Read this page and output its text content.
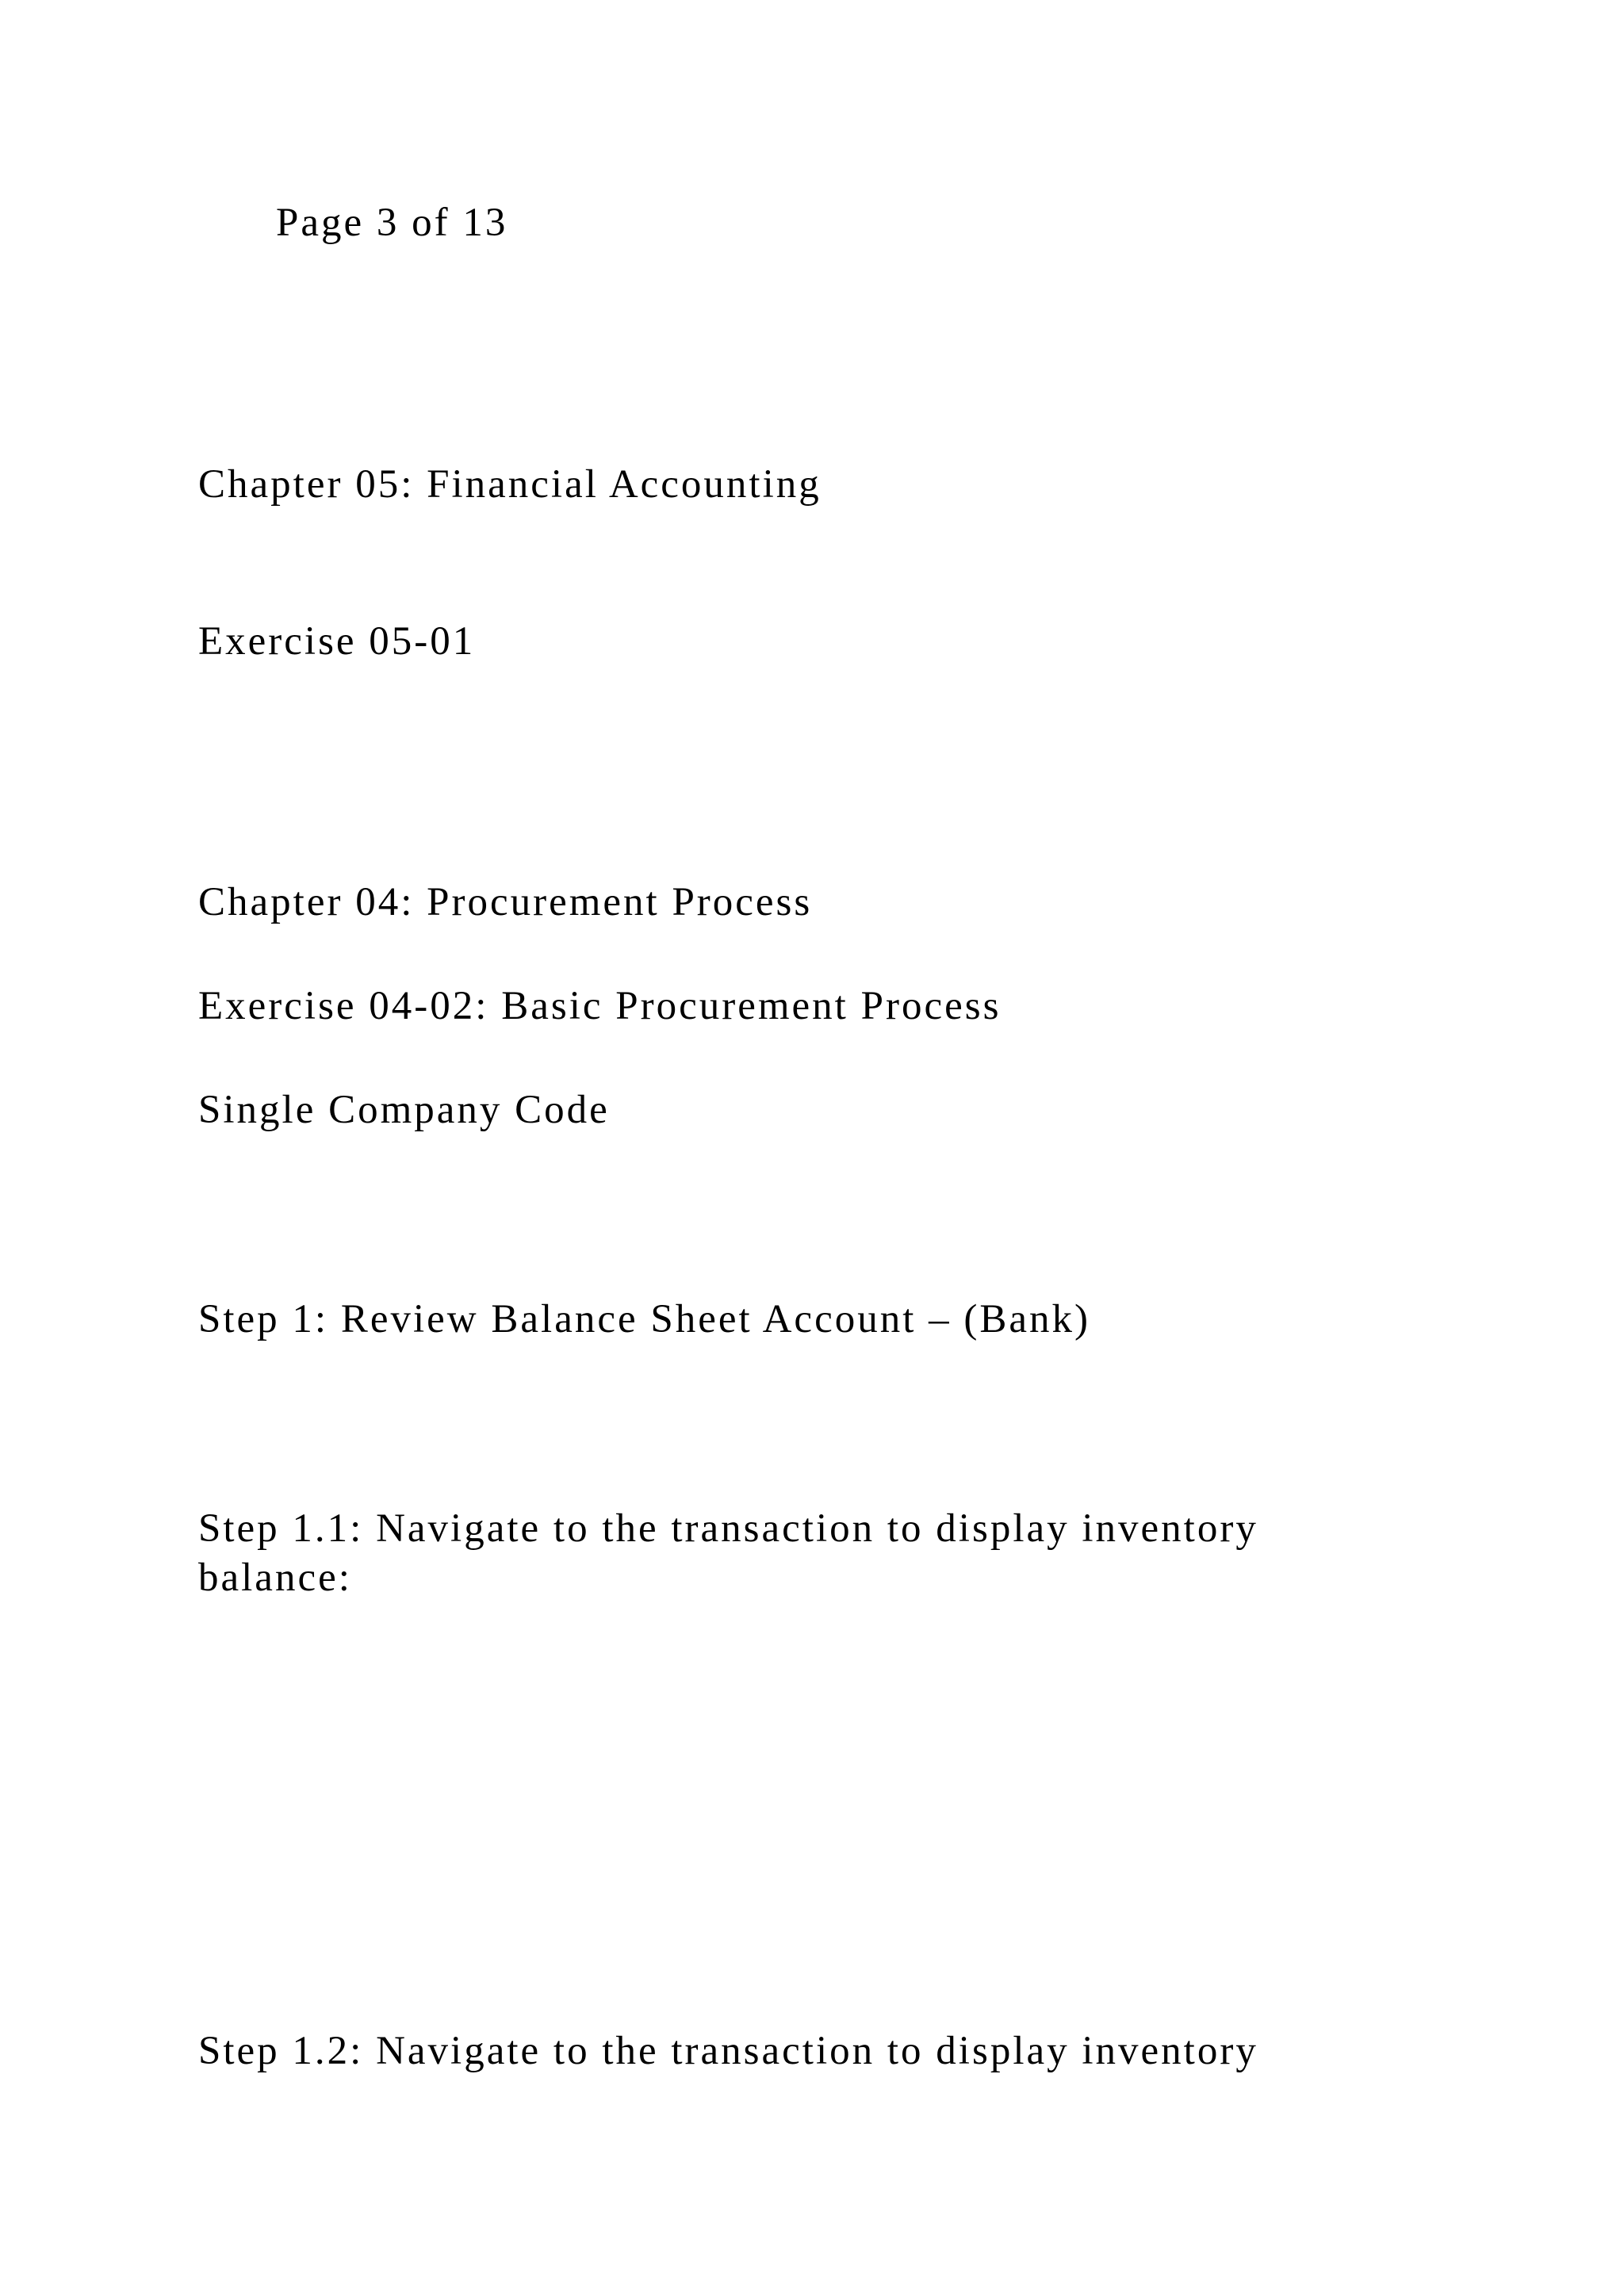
Page 3 of 13

Chapter 05: Financial Accounting

Exercise 05-01

Chapter 04: Procurement Process

Exercise 04-02: Basic Procurement Process

Single Company Code

Step 1: Review Balance Sheet Account – (Bank)

Step 1.1: Navigate to the transaction to display inventory

balance:

Step 1.2: Navigate to the transaction to display inventory
